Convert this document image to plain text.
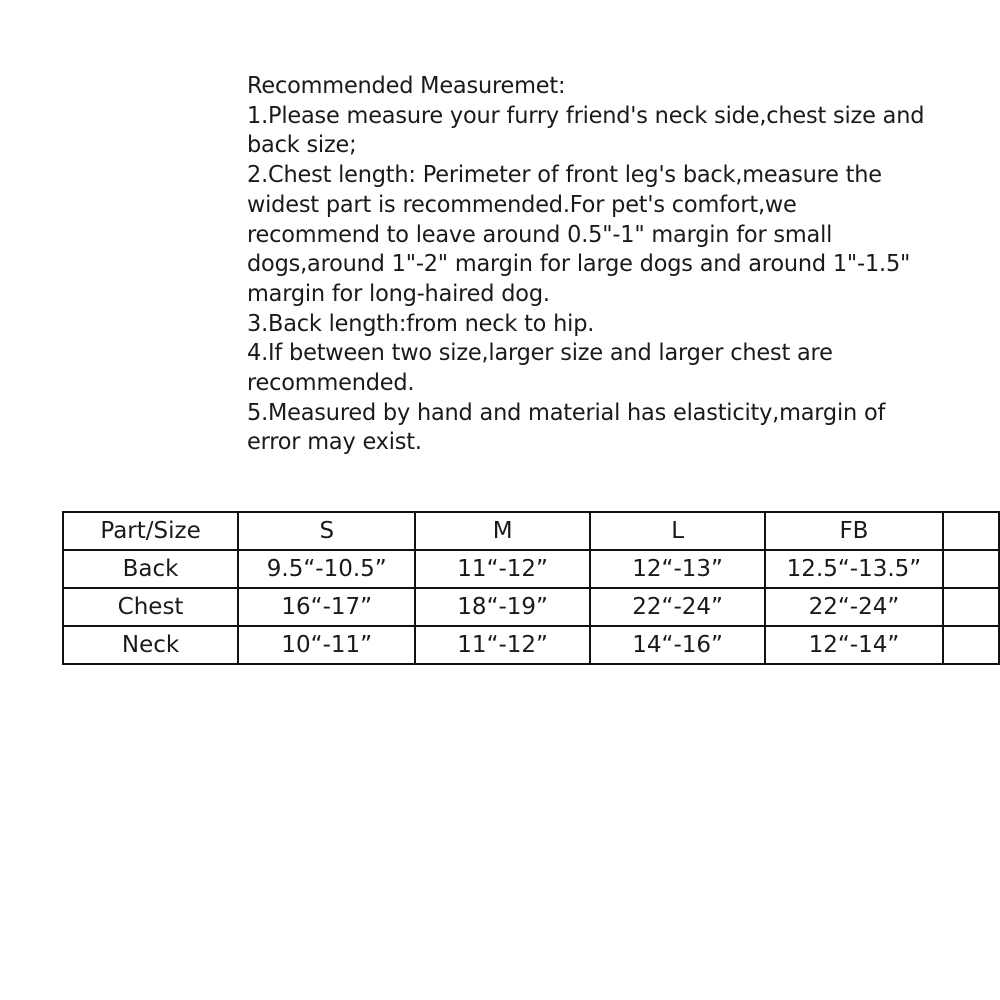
Recommended Measuremet:
1.Please measure your furry friend's neck side,chest size and
back size;
2.Chest length: Perimeter of front leg's back,measure the
widest part is recommended.For pet's comfort,we
recommend to leave around 0.5"-1" margin for small
dogs,around 1"-2" margin for large dogs and around 1"-1.5"
margin for long-haired dog.
3.Back length:from neck to hip.
4.If between two size,larger size and larger chest are
recommended.
5.Measured by hand and material has elasticity,margin of
error may exist.
Part/Size	S	M	L	FB	
Back	9.5“-10.5”	11“-12”	12“-13”	12.5“-13.5”	
Chest	16“-17”	18“-19”	22“-24”	22“-24”	
Neck	10“-11”	11“-12”	14“-16”	12“-14”	
